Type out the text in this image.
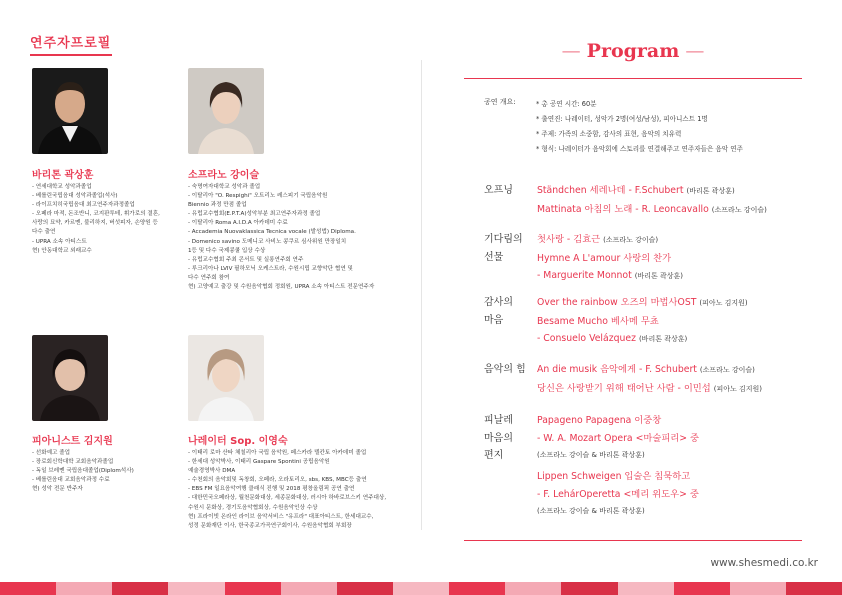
연주자프로필
바리톤 곽상훈
- 연세대학교 성악과졸업
- 베를린국립음대 성악과졸업(석사)
- 라이프치히국립음대 최고연주자과정졸업
- 오페라 마적, 돈조반니, 코지판투테, 휘가로의 결혼,
사랑의 묘약, 카르멘, 불리하지, 버섯피자, 손양원 등
다수 출연
- UPRA 소속 아티스트
현) 안동대학교 외래교수
소프라노 강이슬
- 숙명여자대학교 성악과 졸업
- 이탈리아 "O. Respighi" 오트리노 레스피기 국립음악원
Biennio 과정 만점 졸업
- 유럽교수협회(E.P.T.A)성악부분 최고연주자과정 졸업
- 이탈리아 Roma A.I.D.A 아카데미 수료
- Accademia Nuovaklassica Tecnica vocale (발성법) Diploma.
- Domenico savino 도메니코 사비노 콩쿠르 심사위원 만장일치
1등 및 다수 국제콩쿨 입상 수상
- 유럽교수협회 주최 콘서트 및 실롱연주회 연주
- 루크리아나 LVIV 필하모닉 오케스트라, 수원시립 교향악단 협연 및
다수 연주회 참여
현) 고양예고 출강 및 수원음악협회 정회원, UPRA 소속 아티스트 전문연주자
피아니스트 김지원
- 선화예고 졸업
- 장로회신학대학 교회음악과졸업
- 독일 브레멘 국립음대졸업(Diplom석사)
- 베를린음대 교회음악과정 수료
현) 성악 전문 반주자
나레이터 Sop. 이영숙
- 이태리 로마 산타 체칠리아 국립 음악원, 페스카라 델칸토 아카데미 졸업
- 한세대 성악박사, 이태리 Gaspare Spontini 공립음악원
예술경영박사 DMA
- 수천회의 음악회및 독창회, 오페라, 오라토리오, sbs, KBS, MBC등 출연
- EBS FM 일요음악여행 클래식 진행 및 2018 평창올림픽 공연 출연
- 대한민국오페라상, 월천문화대상, 세종문화대상, 러시아 하바로브스키 연주대상,
수원시 문화상, 경기도음악협회상, 수원음악인상 수상
현) 프라이빗 온라인 라이브 음악서비스 "유프라" 대표아티스트, 한세대교수,
성정 문화재단 이사, 한국종교가곡연구회이사, 수원음악협회 부회장
— Program —
공연 개요:	* 총 공연 시간: 60분
* 출연진: 나레이터, 성악가 2명(여성/남성), 피아니스트 1명
* 주제: 가족의 소중함, 감사의 표현, 음악의 치유력
* 형식: 나레이터가 음악회에 스토리를 연결해주고 연주자들은 음악 연주
오프닝	Ständchen 세레나데 - F.Schubert (바리톤 곽상훈)
Mattinata 아침의 노래 - R. Leoncavallo (소프라노 강이슬)
기다림의
선물
첫사랑 - 김효근 (소프라노 강이슬)
Hymne A L'amour 사랑의 찬가
- Marguerite Monnot (바리톤 곽상훈)
감사의
마음
Over the rainbow 오즈의 마법사OST (피아노 김지원)
Besame Mucho 베사메 무쵸
- Consuelo Velázquez (바리톤 곽상훈)
음악의 힘 An die musik 음악에게 - F. Schubert (소프라노 강이슬)
당신은 사랑받기 위해 태어난 사람 - 이민섭 (피아노 김지원)
피날레
마음의
편지
Papageno Papagena 이중창
- W. A. Mozart Opera <마술피리> 중
(소프라노 강이슬 & 바리톤 곽상훈)
Lippen Schweigen 입술은 침묵하고
- F. LehárOperetta <메리 위도우> 중
(소프라노 강이슬 & 바리톤 곽상훈)
www.shesmedi.co.kr
